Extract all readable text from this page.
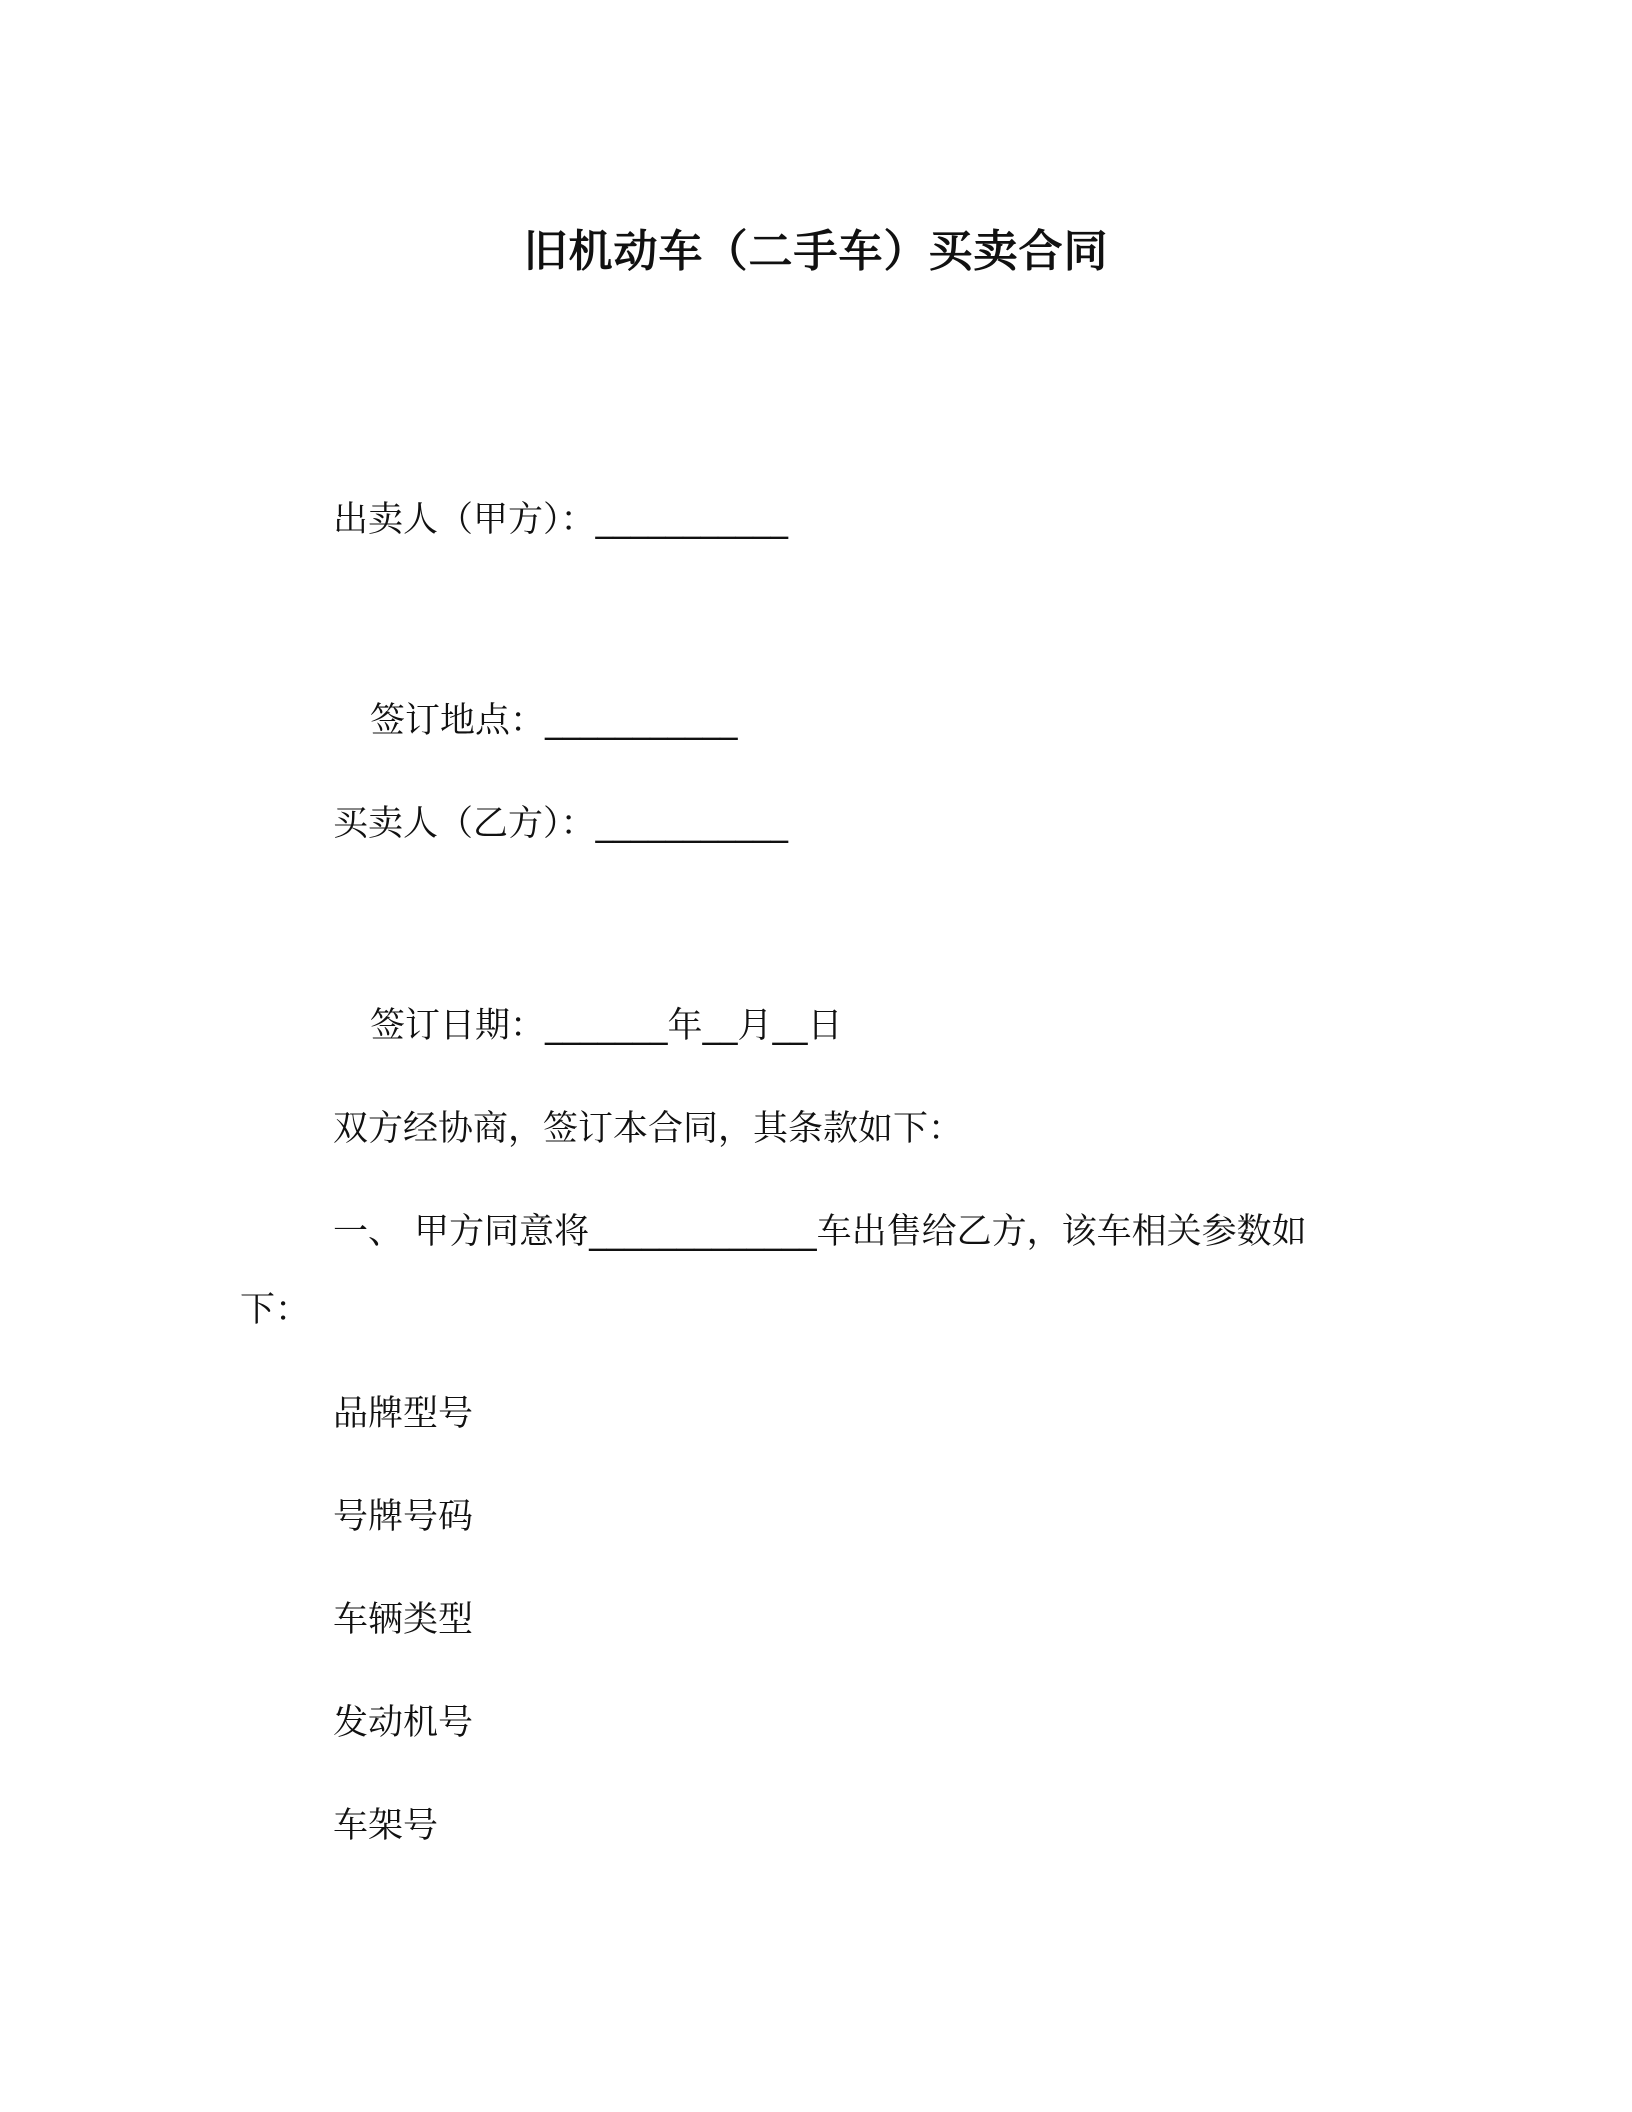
旧机动车（二手车）买卖合同

出卖人（甲方）：___________

签订地点：___________

买卖人（乙方）：___________

签订日期：_______年__月__日

双方经协商，签订本合同，其条款如下：

一、 甲方同意将_____________车出售给乙方，该车相关参数如

下：

品牌型号

号牌号码

车辆类型

发动机号

车架号
